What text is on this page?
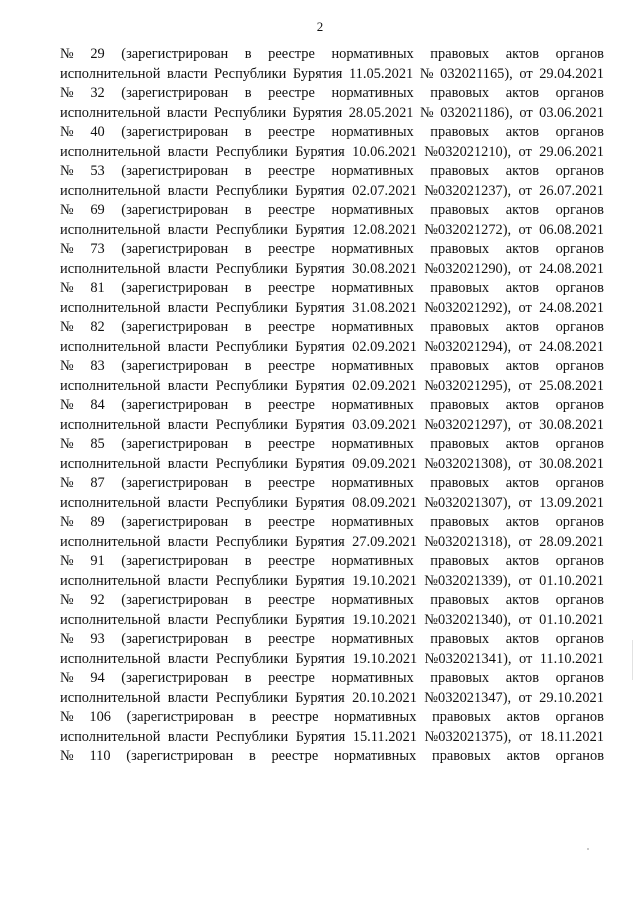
2
№ 29 (зарегистрирован в реестре нормативных правовых актов органов
исполнительной власти Республики Бурятия 11.05.2021 № 032021165), от 29.04.2021
№ 32 (зарегистрирован в реестре нормативных правовых актов органов
исполнительной власти Республики Бурятия 28.05.2021 № 032021186), от 03.06.2021
№ 40 (зарегистрирован в реестре нормативных правовых актов органов
исполнительной власти Республики Бурятия 10.06.2021 №032021210), от 29.06.2021
№ 53 (зарегистрирован в реестре нормативных правовых актов органов
исполнительной власти Республики Бурятия 02.07.2021 №032021237), от 26.07.2021
№ 69 (зарегистрирован в реестре нормативных правовых актов органов
исполнительной власти Республики Бурятия 12.08.2021 №032021272), от 06.08.2021
№ 73 (зарегистрирован в реестре нормативных правовых актов органов
исполнительной власти Республики Бурятия 30.08.2021 №032021290), от 24.08.2021
№ 81 (зарегистрирован в реестре нормативных правовых актов органов
исполнительной власти Республики Бурятия 31.08.2021 №032021292), от 24.08.2021
№ 82 (зарегистрирован в реестре нормативных правовых актов органов
исполнительной власти Республики Бурятия 02.09.2021 №032021294), от 24.08.2021
№ 83 (зарегистрирован в реестре нормативных правовых актов органов
исполнительной власти Республики Бурятия 02.09.2021 №032021295), от 25.08.2021
№ 84 (зарегистрирован в реестре нормативных правовых актов органов
исполнительной власти Республики Бурятия 03.09.2021 №032021297), от 30.08.2021
№ 85 (зарегистрирован в реестре нормативных правовых актов органов
исполнительной власти Республики Бурятия 09.09.2021 №032021308), от 30.08.2021
№ 87 (зарегистрирован в реестре нормативных правовых актов органов
исполнительной власти Республики Бурятия 08.09.2021 №032021307), от 13.09.2021
№ 89 (зарегистрирован в реестре нормативных правовых актов органов
исполнительной власти Республики Бурятия 27.09.2021 №032021318), от 28.09.2021
№ 91 (зарегистрирован в реестре нормативных правовых актов органов
исполнительной власти Республики Бурятия 19.10.2021 №032021339), от 01.10.2021
№ 92 (зарегистрирован в реестре нормативных правовых актов органов
исполнительной власти Республики Бурятия 19.10.2021 №032021340), от 01.10.2021
№ 93 (зарегистрирован в реестре нормативных правовых актов органов
исполнительной власти Республики Бурятия 19.10.2021 №032021341), от 11.10.2021
№ 94 (зарегистрирован в реестре нормативных правовых актов органов
исполнительной власти Республики Бурятия 20.10.2021 №032021347), от 29.10.2021
№ 106 (зарегистрирован в реестре нормативных правовых актов органов
исполнительной власти Республики Бурятия 15.11.2021 №032021375), от 18.11.2021
№ 110 (зарегистрирован в реестре нормативных правовых актов органов
